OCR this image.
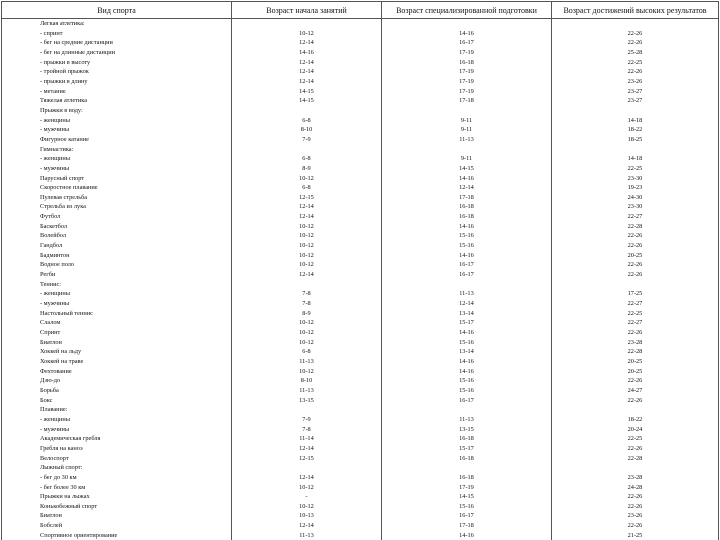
Вид спорта	Возраст начала занятий	Возраст специализированной подготовки	Возраст достижений высоких результатов
Легкая атлетика:			
- спринт	10-12	14-16	22-26
- бег на средние дистанции	12-14	16-17	22-26
- бег на длинные дистанции	14-16	17-19	25-28
- прыжки в высоту	12-14	16-18	22-25
- тройной прыжок	12-14	17-19	22-26
- прыжки в длину	12-14	17-19	23-26
- метание	14-15	17-19	23-27
Тяжелая атлетика	14-15	17-18	23-27
Прыжки в воду:			
- женщины	6-8	9-11	14-18
- мужчины	8-10	9-11	18-22
Фигурное катание	7-9	11-13	18-25
Гимнастика:			
- женщины	6-8	9-11	14-18
- мужчины	8-9	14-15	22-25
Парусный спорт	10-12	14-16	23-30
Скоростное плавание	6-8	12-14	19-23
Пулевая стрельба	12-15	17-18	24-30
Стрельба из лука	12-14	16-18	23-30
Футбол	12-14	16-18	22-27
Баскетбол	10-12	14-16	22-28
Волейбол	10-12	15-16	22-26
Гандбол	10-12	15-16	22-26
Бадминтон	10-12	14-16	20-25
Водное поло	10-12	16-17	22-26
Регби	12-14	16-17	22-26
Теннис:			
- женщины	7-8	11-13	17-25
- мужчины	7-8	12-14	22-27
Настольный теннис	8-9	13-14	22-25
Слалом	10-12	15-17	22-27
Спринт	10-12	14-16	22-26
Биатлон	10-12	15-16	23-28
Хоккей на льду	6-8	13-14	22-28
Хоккей на траве	11-13	14-16	20-25
Фехтование	10-12	14-16	20-25
Дзю-до	8-10	15-16	22-26
Борьба	11-13	15-16	24-27
Бокс	13-15	16-17	22-26
Плавание:			
- женщины	7-9	11-13	18-22
- мужчины	7-8	13-15	20-24
Академическая гребля	11-14	16-18	22-25
Гребля на каноэ	12-14	15-17	22-26
Велоспорт	12-15	16-18	22-28
Лыжный спорт:			
- бег до 30 км	12-14	16-18	23-28
- бег более 30 км	10-12	17-19	24-28
Прыжки на лыжах	-	14-15	22-26
Конькобежный спорт	10-12	15-16	22-26
Биатлон	10-13	16-17	23-26
Бобслей	12-14	17-18	22-26
Спортивное ориентирование	11-13	14-16	21-25
